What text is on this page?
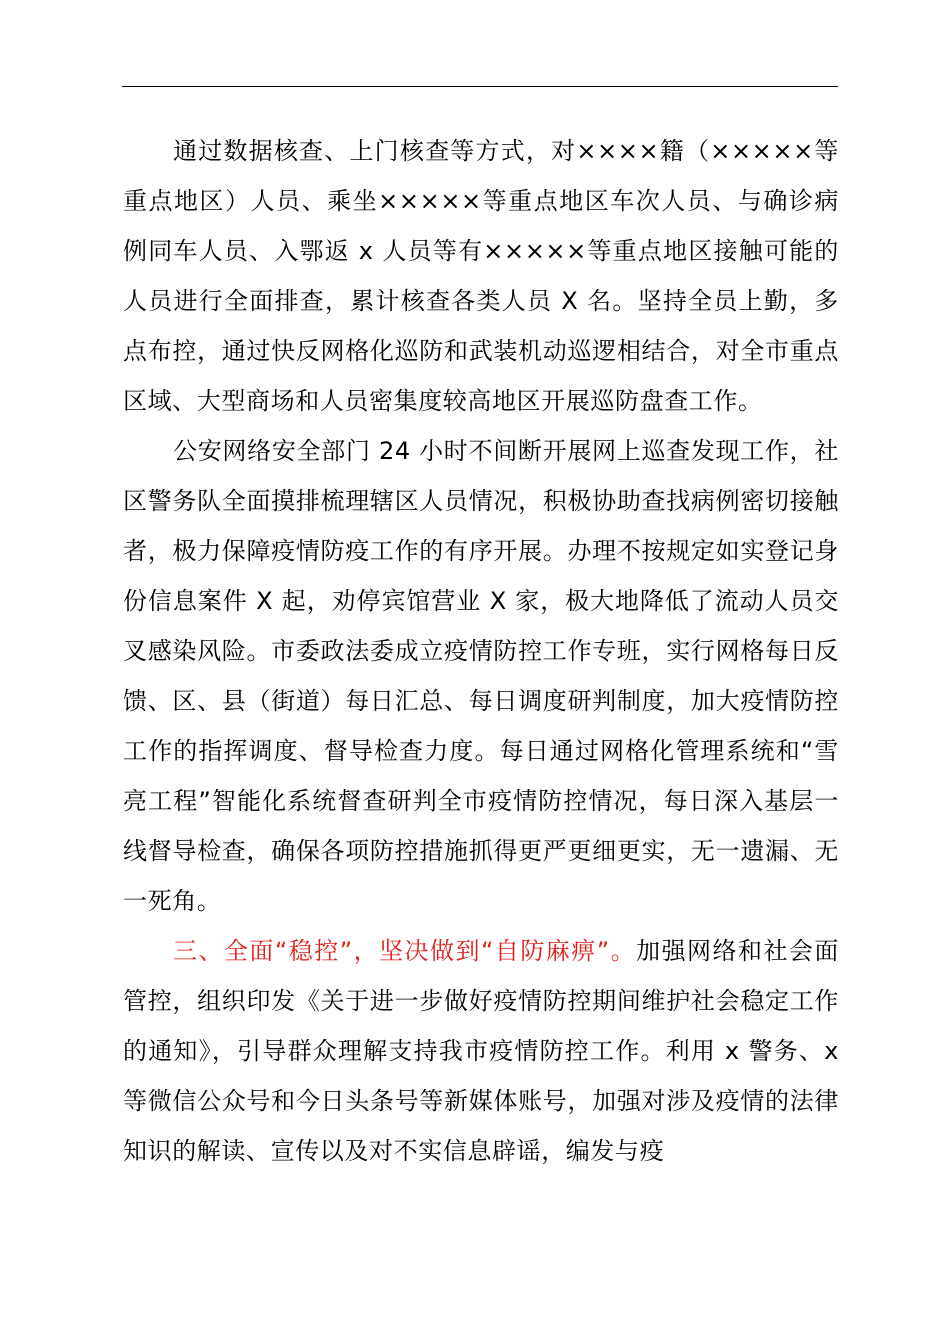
通过数据核查、上门核查等方式，对××××籍（×××××等重点地区）人员、乘坐×××××等重点地区车次人员、与确诊病例同车人员、入鄂返 x 人员等有×××××等重点地区接触可能的人员进行全面排查，累计核查各类人员 X 名。坚持全员上勤，多点布控，通过快反网格化巡防和武装机动巡逻相结合，对全市重点区域、大型商场和人员密集度较高地区开展巡防盘查工作。

公安网络安全部门 24 小时不间断开展网上巡查发现工作，社区警务队全面摸排梳理辖区人员情况，积极协助查找病例密切接触者，极力保障疫情防疫工作的有序开展。办理不按规定如实登记身份信息案件 X 起，劝停宾馆营业 X 家，极大地降低了流动人员交叉感染风险。市委政法委成立疫情防控工作专班，实行网格每日反馈、区、县（街道）每日汇总、每日调度研判制度，加大疫情防控工作的指挥调度、督导检查力度。每日通过网格化管理系统和“雪亮工程”智能化系统督查研判全市疫情防控情况，每日深入基层一线督导检查，确保各项防控措施抓得更严更细更实，无一遗漏、无一死角。

三、全面“稳控”，坚决做到“自防麻痹”。加强网络和社会面管控，组织印发《关于进一步做好疫情防控期间维护社会稳定工作的通知》，引导群众理解支持我市疫情防控工作。利用 x 警务、x 等微信公众号和今日头条号等新媒体账号，加强对涉及疫情的法律知识的解读、宣传以及对不实信息辟谣，编发与疫
